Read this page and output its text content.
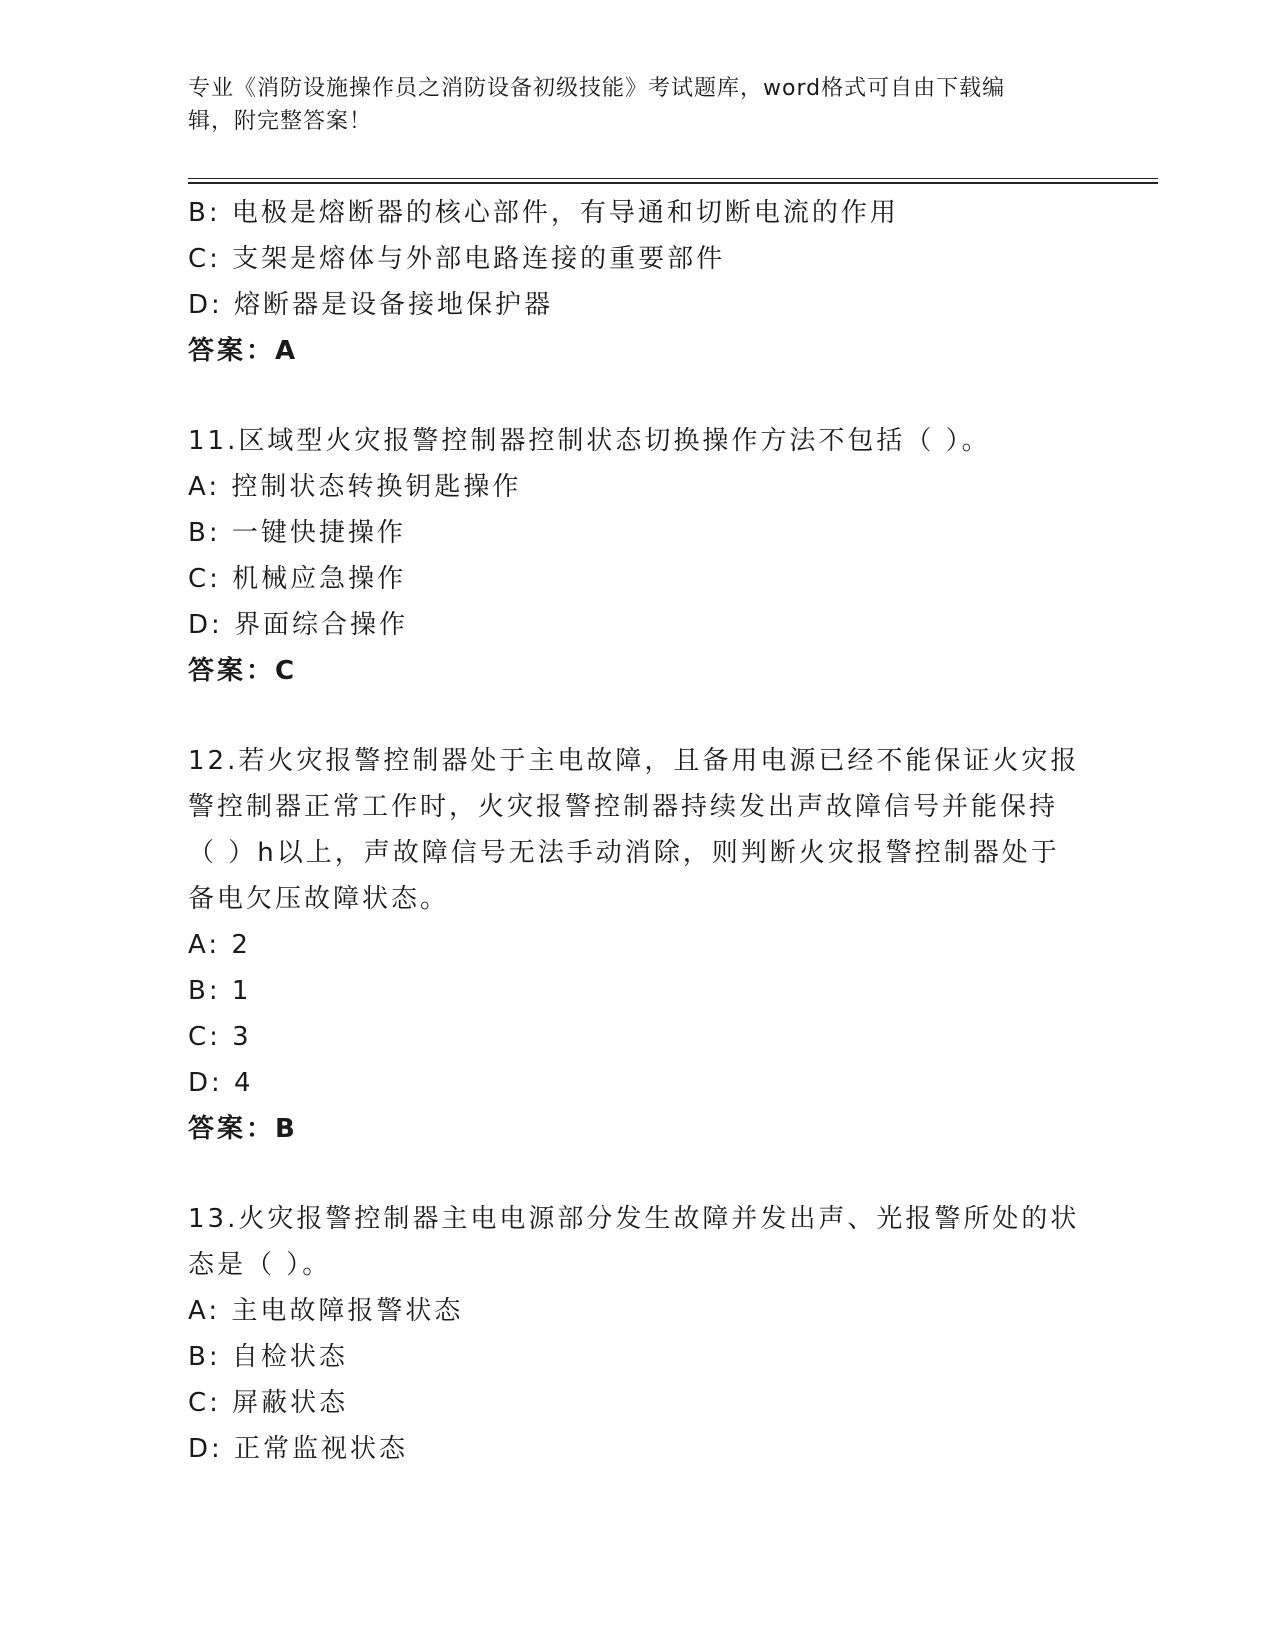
专业《消防设施操作员之消防设备初级技能》考试题库，word格式可自由下载编
辑，附完整答案！
B: 电极是熔断器的核心部件，有导通和切断电流的作用
C: 支架是熔体与外部电路连接的重要部件
D: 熔断器是设备接地保护器
答案：A
11.区域型火灾报警控制器控制状态切换操作方法不包括（ ）。
A: 控制状态转换钥匙操作
B: 一键快捷操作
C: 机械应急操作
D: 界面综合操作
答案：C
12.若火灾报警控制器处于主电故障，且备用电源已经不能保证火灾报
警控制器正常工作时，火灾报警控制器持续发出声故障信号并能保持
（ ）h以上，声故障信号无法手动消除，则判断火灾报警控制器处于
备电欠压故障状态。
A: 2
B: 1
C: 3
D: 4
答案：B
13.火灾报警控制器主电电源部分发生故障并发出声、光报警所处的状
态是（ ）。
A: 主电故障报警状态
B: 自检状态
C: 屏蔽状态
D: 正常监视状态
